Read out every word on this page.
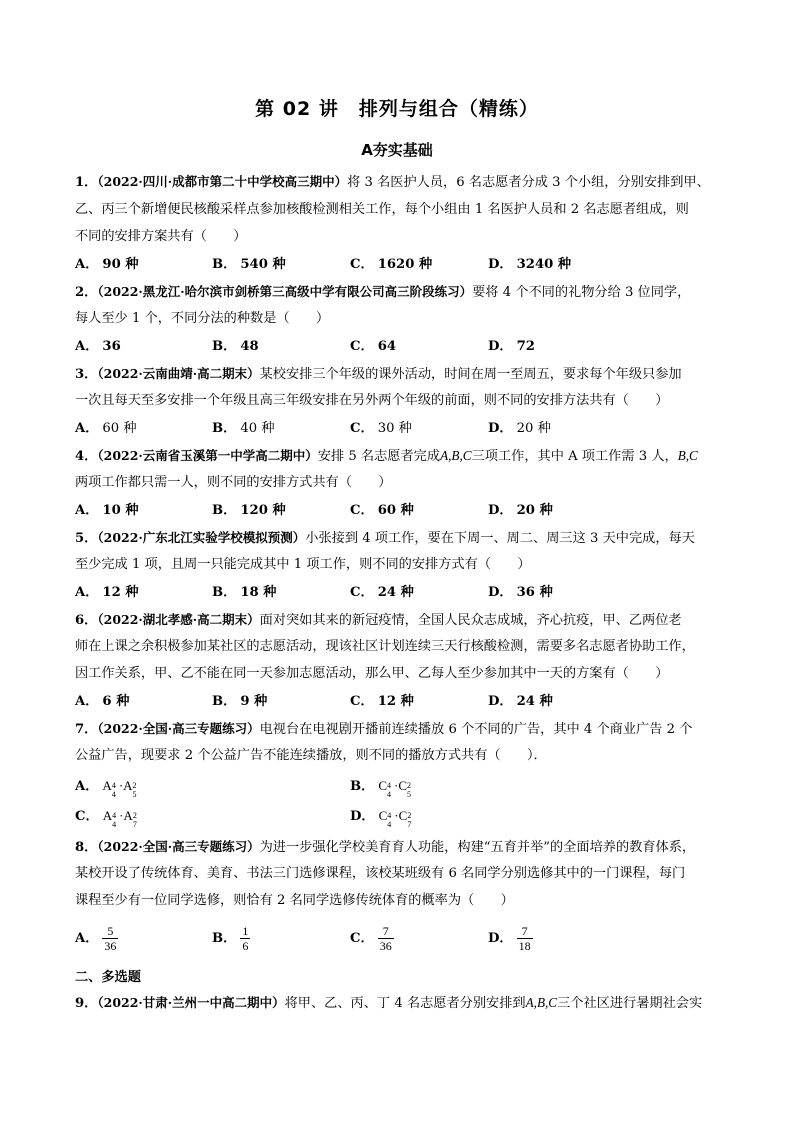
第 02 讲　排列与组合（精练）
A夯实基础
1．（2022·四川·成都市第二十中学校高三期中）将 3 名医护人员，6 名志愿者分成 3 个小组，分别安排到甲、
乙、丙三个新增便民核酸采样点参加核酸检测相关工作，每个小组由 1 名医护人员和 2 名志愿者组成，则
不同的安排方案共有（　　）
A． 90 种	B． 540 种	C． 1620 种	D． 3240 种
2．（2022·黑龙江·哈尔滨市剑桥第三高级中学有限公司高三阶段练习）要将 4 个不同的礼物分给 3 位同学，
每人至少 1 个，不同分法的种数是（　　）
A． 36	B． 48	C． 64	D． 72
3．（2022·云南曲靖·高二期末）某校安排三个年级的课外活动，时间在周一至周五，要求每个年级只参加
一次且每天至多安排一个年级且高三年级安排在另外两个年级的前面，则不同的安排方法共有（　　）
A． 60 种	B． 40 种	C． 30 种	D． 20 种
4．（2022·云南省玉溪第一中学高二期中）安排 5 名志愿者完成A,B,C三项工作，其中 A 项工作需 3 人，B,C
两项工作都只需一人，则不同的安排方式共有（　　）
A． 10 种	B． 120 种	C． 60 种	D． 20 种
5．（2022·广东北江实验学校模拟预测）小张接到 4 项工作，要在下周一、周二、周三这 3 天中完成，每天
至少完成 1 项，且周一只能完成其中 1 项工作，则不同的安排方式有（　　）
A． 12 种	B． 18 种	C． 24 种	D． 36 种
6．（2022·湖北孝感·高二期末）面对突如其来的新冠疫情，全国人民众志成城，齐心抗疫，甲、乙两位老
师在上课之余积极参加某社区的志愿活动，现该社区计划连续三天行核酸检测，需要多名志愿者协助工作，
因工作关系，甲、乙不能在同一天参加志愿活动，那么甲、乙每人至少参加其中一天的方案有（　　）
A． 6 种	B． 9 种	C． 12 种	D． 24 种
7．（2022·全国·高三专题练习）电视台在电视剧开播前连续播放 6 个不同的广告，其中 4 个商业广告 2 个
公益广告，现要求 2 个公益广告不能连续播放，则不同的播放方式共有（　　）．
A． A 4
4
·A 2
5
B． C 4
4
·C 2
5
C． A 4
4
·A 2
7
D． C 4
4
·C 2
7
8．（2022·全国·高三专题练习）为进一步强化学校美育育人功能，构建“五育并举”的全面培养的教育体系，
某校开设了传统体育、美育、书法三门选修课程，该校某班级有 6 名同学分别选修其中的一门课程，每门
课程至少有一位同学选修，则恰有 2 名同学选修传统体育的概率为（　　）
A． $\frac{5}{36}$	B． $\frac{1}{6}$	C． $\frac{7}{36}$	D． $\frac{7}{18}$
二、多选题
9．（2022·甘肃·兰州一中高二期中）将甲、乙、丙、丁 4 名志愿者分别安排到A,B,C三个社区进行暑期社会实
